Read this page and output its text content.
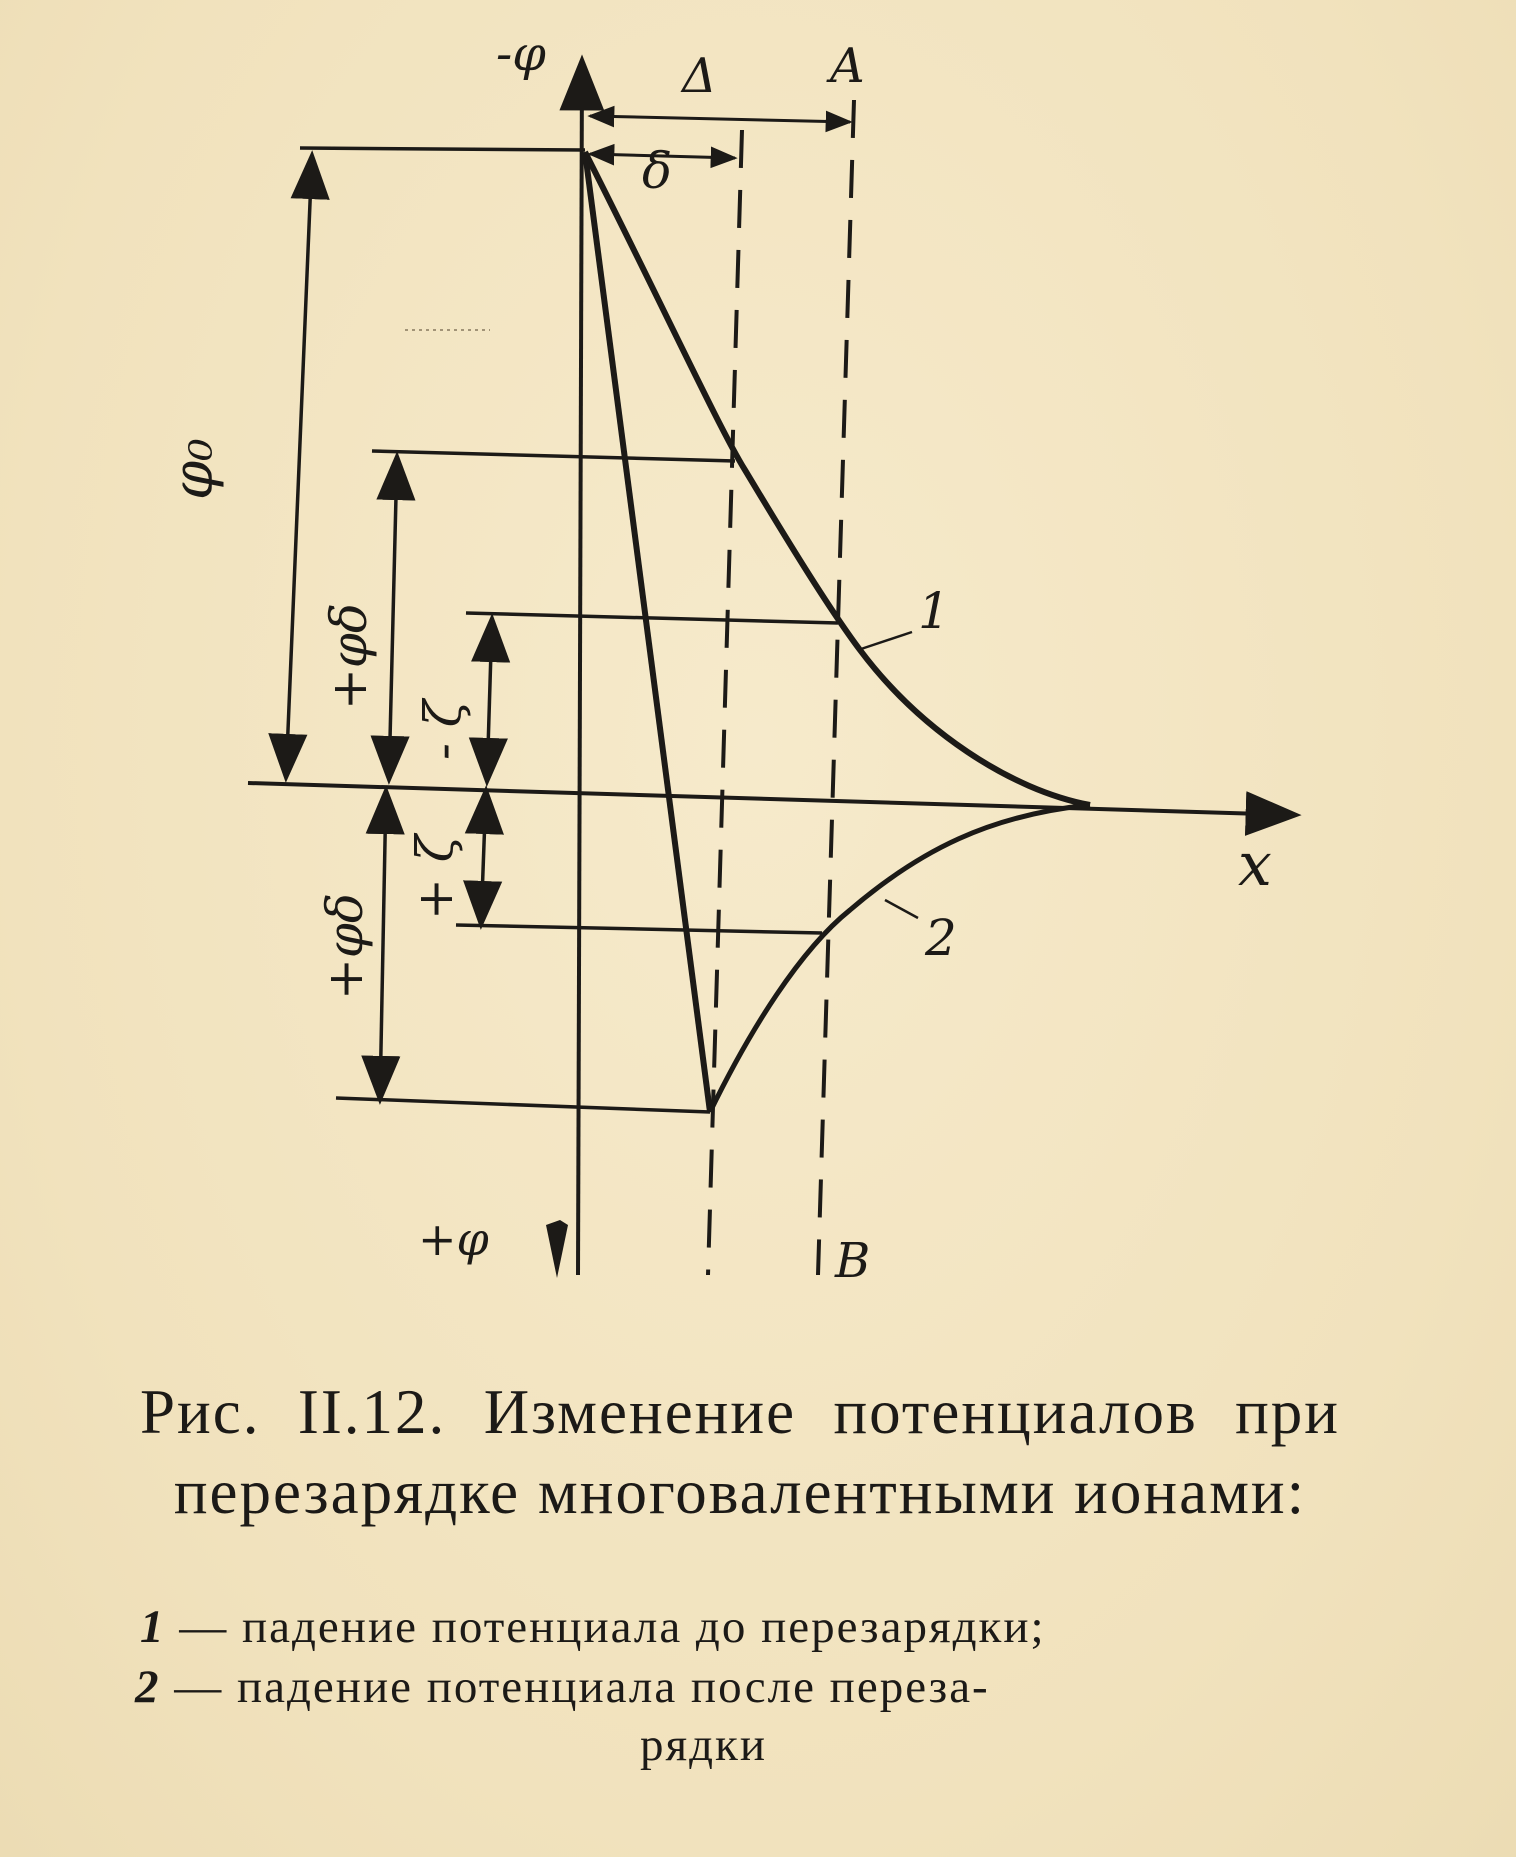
-φ
+φ
x
Δ A
B
δ
φ₀
+φδ
- ζ
+ ζ
+φδ
1
2
Рис. II.12. Изменение потенциалов при перезарядке многовалентными ионами:
1 — падение потенциала до перезарядки;
2 — падение потенциала после переза-
рядки
